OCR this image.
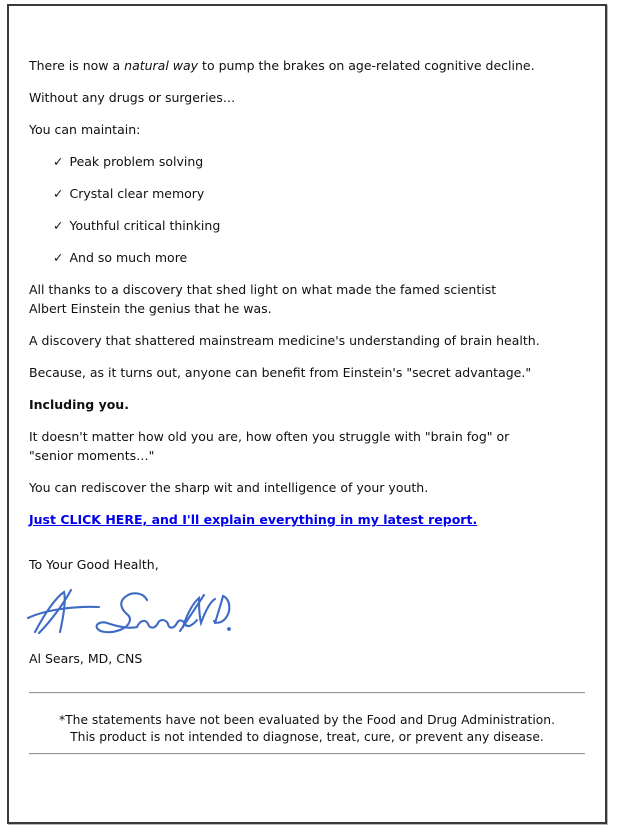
There is now a natural way to pump the brakes on age-related cognitive decline.

Without any drugs or surgeries…

You can maintain:

✓ Peak problem solving
✓ Crystal clear memory
✓ Youthful critical thinking
✓ And so much more

All thanks to a discovery that shed light on what made the famed scientist Albert Einstein the genius that he was.

A discovery that shattered mainstream medicine's understanding of brain health.

Because, as it turns out, anyone can benefit from Einstein's "secret advantage."

Including you.

It doesn't matter how old you are, how often you struggle with "brain fog" or "senior moments…"

You can rediscover the sharp wit and intelligence of your youth.

Just CLICK HERE, and I'll explain everything in my latest report.

To Your Good Health,

Al Sears, MD, CNS

*The statements have not been evaluated by the Food and Drug Administration.
This product is not intended to diagnose, treat, cure, or prevent any disease.
